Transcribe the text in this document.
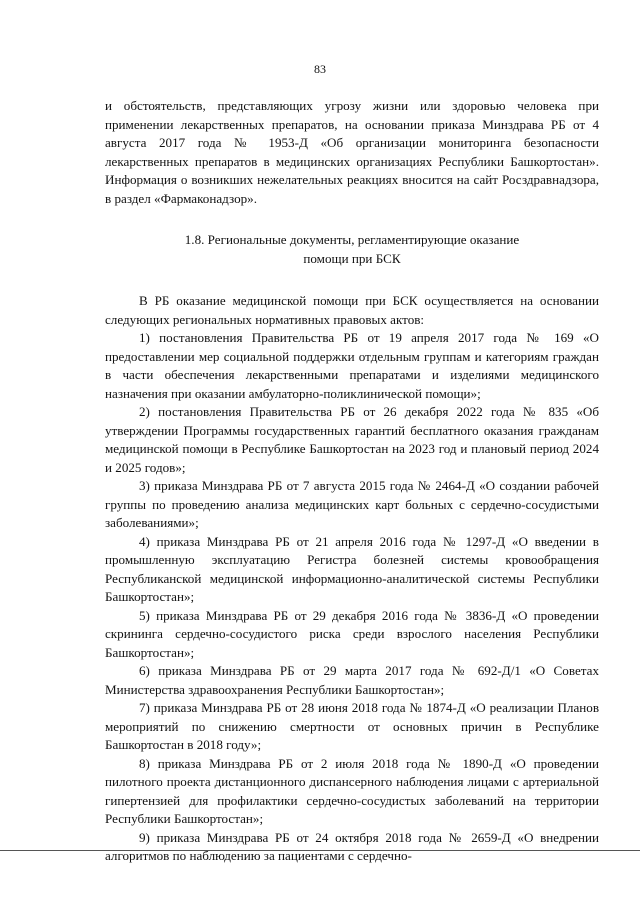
83

и обстоятельств, представляющих угрозу жизни или здоровью человека при применении лекарственных препаратов, на основании приказа Минздрава РБ от 4 августа 2017 года № 1953-Д «Об организации мониторинга безопасности лекарственных препаратов в медицинских организациях Республики Башкортостан». Информация о возникших нежелательных реакциях вносится на сайт Росздравнадзора, в раздел «Фармаконадзор».

1.8. Региональные документы, регламентирующие оказание
помощи при БСК

В РБ оказание медицинской помощи при БСК осуществляется на основании следующих региональных нормативных правовых актов:

1) постановления Правительства РБ от 19 апреля 2017 года № 169 «О предоставлении мер социальной поддержки отдельным группам и категориям граждан в части обеспечения лекарственными препаратами и изделиями медицинского назначения при оказании амбулаторно-поликлинической помощи»;

2) постановления Правительства РБ от 26 декабря 2022 года № 835 «Об утверждении Программы государственных гарантий бесплатного оказания гражданам медицинской помощи в Республике Башкортостан на 2023 год и плановый период 2024 и 2025 годов»;

3) приказа Минздрава РБ от 7 августа 2015 года № 2464-Д «О создании рабочей группы по проведению анализа медицинских карт больных с сердечно-сосудистыми заболеваниями»;

4) приказа Минздрава РБ от 21 апреля 2016 года № 1297-Д «О введении в промышленную эксплуатацию Регистра болезней системы кровообращения Республиканской медицинской информационно-аналитической системы Республики Башкортостан»;

5) приказа Минздрава РБ от 29 декабря 2016 года № 3836-Д «О проведении скрининга сердечно-сосудистого риска среди взрослого населения Республики Башкортостан»;

6) приказа Минздрава РБ от 29 марта 2017 года № 692-Д/1 «О Советах Министерства здравоохранения Республики Башкортостан»;

7) приказа Минздрава РБ от 28 июня 2018 года № 1874-Д «О реализации Планов мероприятий по снижению смертности от основных причин в Республике Башкортостан в 2018 году»;

8) приказа Минздрава РБ от 2 июля 2018 года № 1890-Д «О проведении пилотного проекта дистанционного диспансерного наблюдения лицами с артериальной гипертензией для профилактики сердечно-сосудистых заболеваний на территории Республики Башкортостан»;

9) приказа Минздрава РБ от 24 октября 2018 года № 2659-Д «О внедрении алгоритмов по наблюдению за пациентами с сердечно-
